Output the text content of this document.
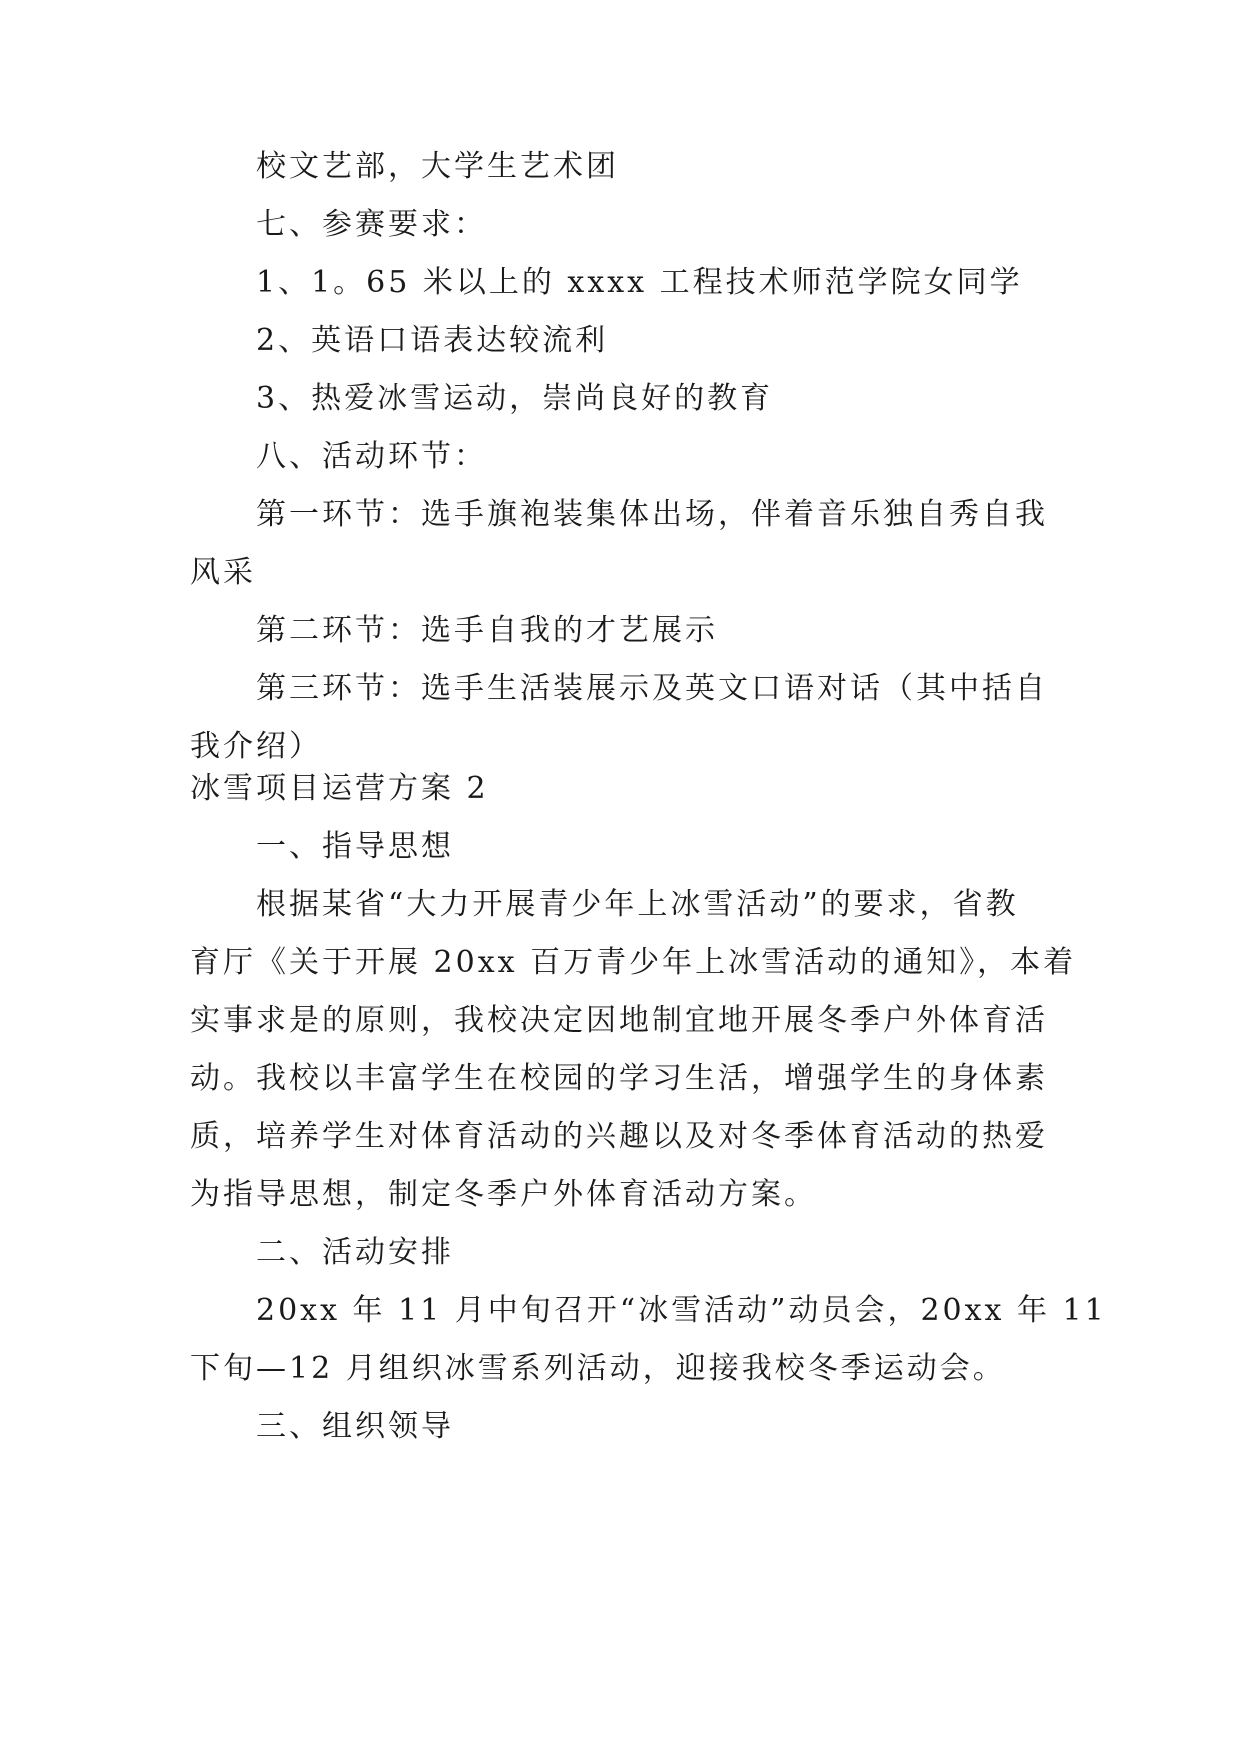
校文艺部，大学生艺术团
七、参赛要求：
1、1。65 米以上的 xxxx 工程技术师范学院女同学
2、英语口语表达较流利
3、热爱冰雪运动，崇尚良好的教育
八、活动环节：
第一环节：选手旗袍装集体出场，伴着音乐独自秀自我
风采
第二环节：选手自我的才艺展示
第三环节：选手生活装展示及英文口语对话（其中括自
我介绍）
冰雪项目运营方案 2
一、指导思想
根据某省“大力开展青少年上冰雪活动”的要求，省教
育厅《关于开展 20xx 百万青少年上冰雪活动的通知》，本着
实事求是的原则，我校决定因地制宜地开展冬季户外体育活
动。我校以丰富学生在校园的学习生活，增强学生的身体素
质，培养学生对体育活动的兴趣以及对冬季体育活动的热爱
为指导思想，制定冬季户外体育活动方案。
二、活动安排
20xx 年 11 月中旬召开“冰雪活动”动员会，20xx 年 11
下旬—12 月组织冰雪系列活动，迎接我校冬季运动会。
三、组织领导
